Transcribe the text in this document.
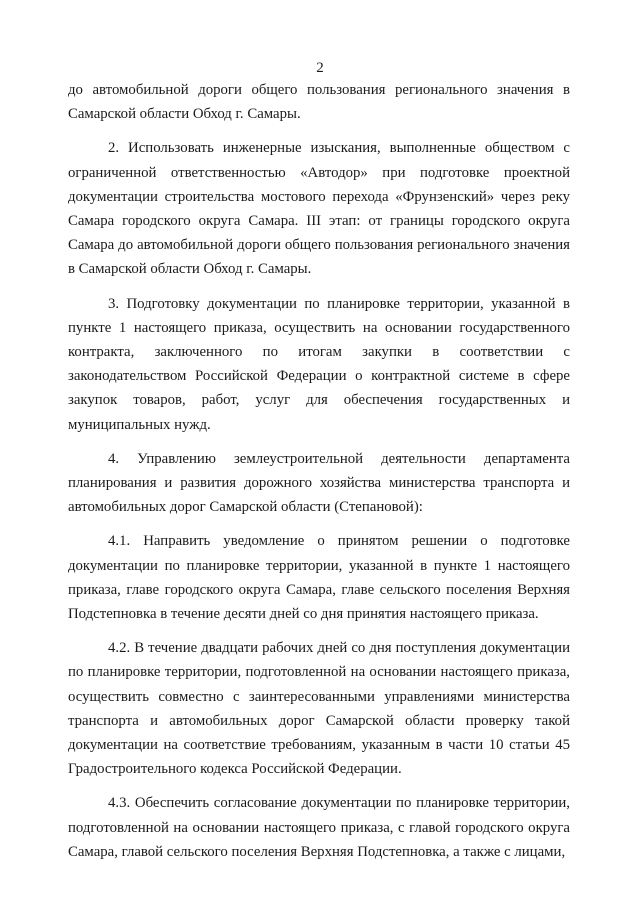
2

до автомобильной дороги общего пользования регионального значения в Самарской области Обход г. Самары.

2. Использовать инженерные изыскания, выполненные обществом с ограниченной ответственностью «Автодор» при подготовке проектной документации строительства мостового перехода «Фрунзенский» через реку Самара городского округа Самара. III этап: от границы городского округа Самара до автомобильной дороги общего пользования регионального значения в Самарской области Обход г. Самары.

3. Подготовку документации по планировке территории, указанной в пункте 1 настоящего приказа, осуществить на основании государственного контракта, заключенного по итогам закупки в соответствии с законодательством Российской Федерации о контрактной системе в сфере закупок товаров, работ, услуг для обеспечения государственных и муниципальных нужд.

4. Управлению землеустроительной деятельности департамента планирования и развития дорожного хозяйства министерства транспорта и автомобильных дорог Самарской области (Степановой):

4.1. Направить уведомление о принятом решении о подготовке документации по планировке территории, указанной в пункте 1 настоящего приказа, главе городского округа Самара, главе сельского поселения Верхняя Подстепновка в течение десяти дней со дня принятия настоящего приказа.

4.2. В течение двадцати рабочих дней со дня поступления документации по планировке территории, подготовленной на основании настоящего приказа, осуществить совместно с заинтересованными управлениями министерства транспорта и автомобильных дорог Самарской области проверку такой документации на соответствие требованиям, указанным в части 10 статьи 45 Градостроительного кодекса Российской Федерации.

4.3. Обеспечить согласование документации по планировке территории, подготовленной на основании настоящего приказа, с главой городского округа Самара, главой сельского поселения Верхняя Подстепновка, а также с лицами,
